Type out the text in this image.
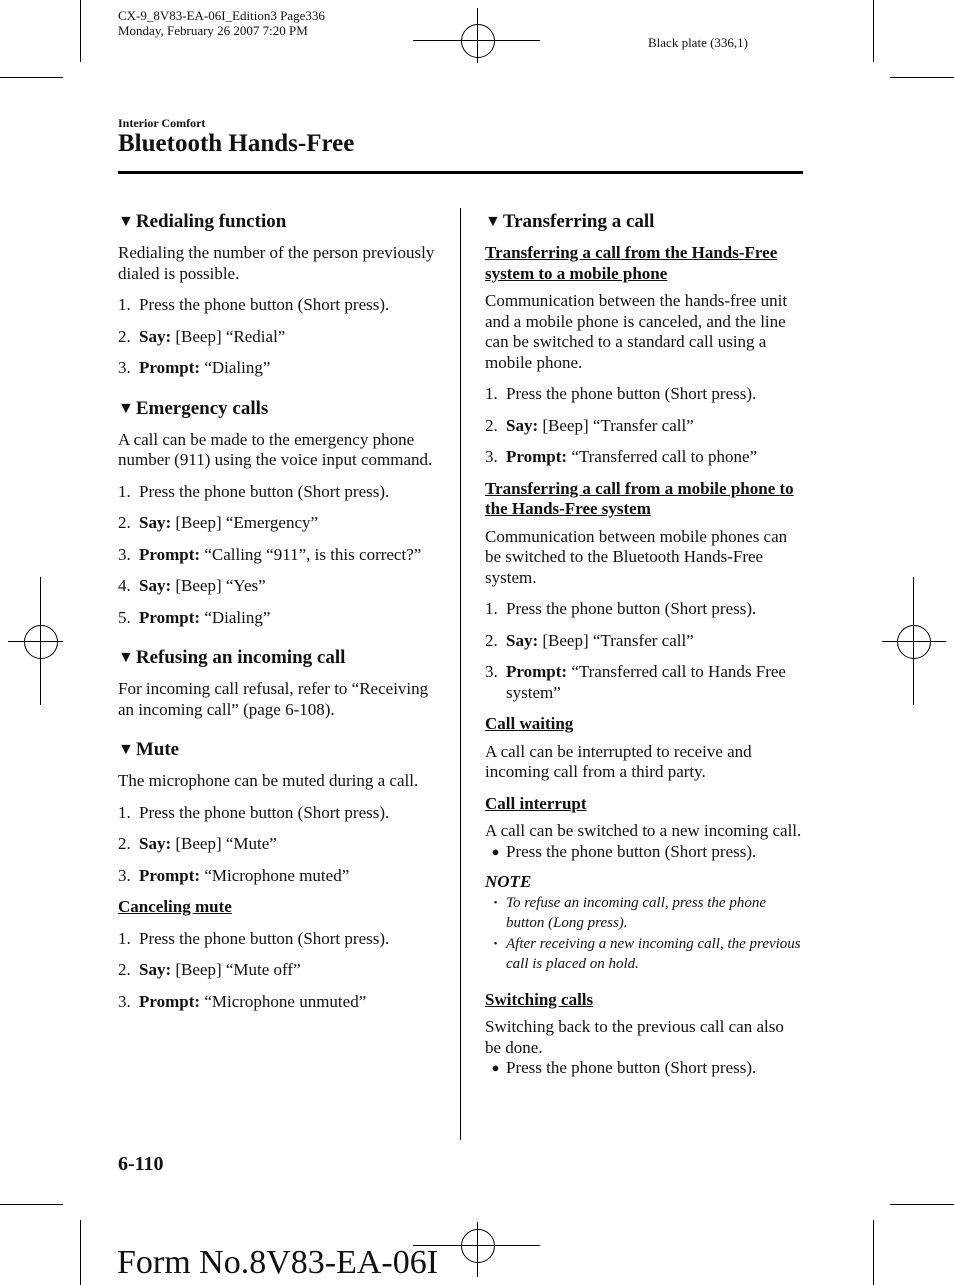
CX-9_8V83-EA-06I_Edition3 Page336
Monday, February 26 2007 7:20 PM
Black plate (336,1)
Interior Comfort
Bluetooth Hands-Free
▼ Redialing function

Redialing the number of the person previously dialed is possible.

1. Press the phone button (Short press).
2. Say: [Beep] “Redial”
3. Prompt: “Dialing”
▼ Emergency calls

A call can be made to the emergency phone number (911) using the voice input command.

1. Press the phone button (Short press).
2. Say: [Beep] “Emergency”
3. Prompt: “Calling “911”, is this correct?”
4. Say: [Beep] “Yes”
5. Prompt: “Dialing”
▼ Refusing an incoming call

For incoming call refusal, refer to “Receiving an incoming call” (page 6-108).

▼ Mute

The microphone can be muted during a call.

1. Press the phone button (Short press).
2. Say: [Beep] “Mute”
3. Prompt: “Microphone muted”
Canceling mute
1. Press the phone button (Short press).
2. Say: [Beep] “Mute off”
3. Prompt: “Microphone unmuted”
▼ Transferring a call
Transferring a call from the Hands-Free system to a mobile phone

Communication between the hands-free unit and a mobile phone is canceled, and the line can be switched to a standard call using a mobile phone.

1. Press the phone button (Short press).
2. Say: [Beep] “Transfer call”
3. Prompt: “Transferred call to phone”
Transferring a call from a mobile phone to the Hands-Free system

Communication between mobile phones can be switched to the Bluetooth Hands-Free system.

1. Press the phone button (Short press).
2. Say: [Beep] “Transfer call”
3. Prompt: “Transferred call to Hands Free system”
Call waiting

A call can be interrupted to receive and incoming call from a third party.

Call interrupt

A call can be switched to a new incoming call.

● Press the phone button (Short press).
NOTE
• To refuse an incoming call, press the phone button (Long press).
• After receiving a new incoming call, the previous call is placed on hold.
Switching calls

Switching back to the previous call can also be done.

● Press the phone button (Short press).
6-110
Form No.8V83-EA-06I
